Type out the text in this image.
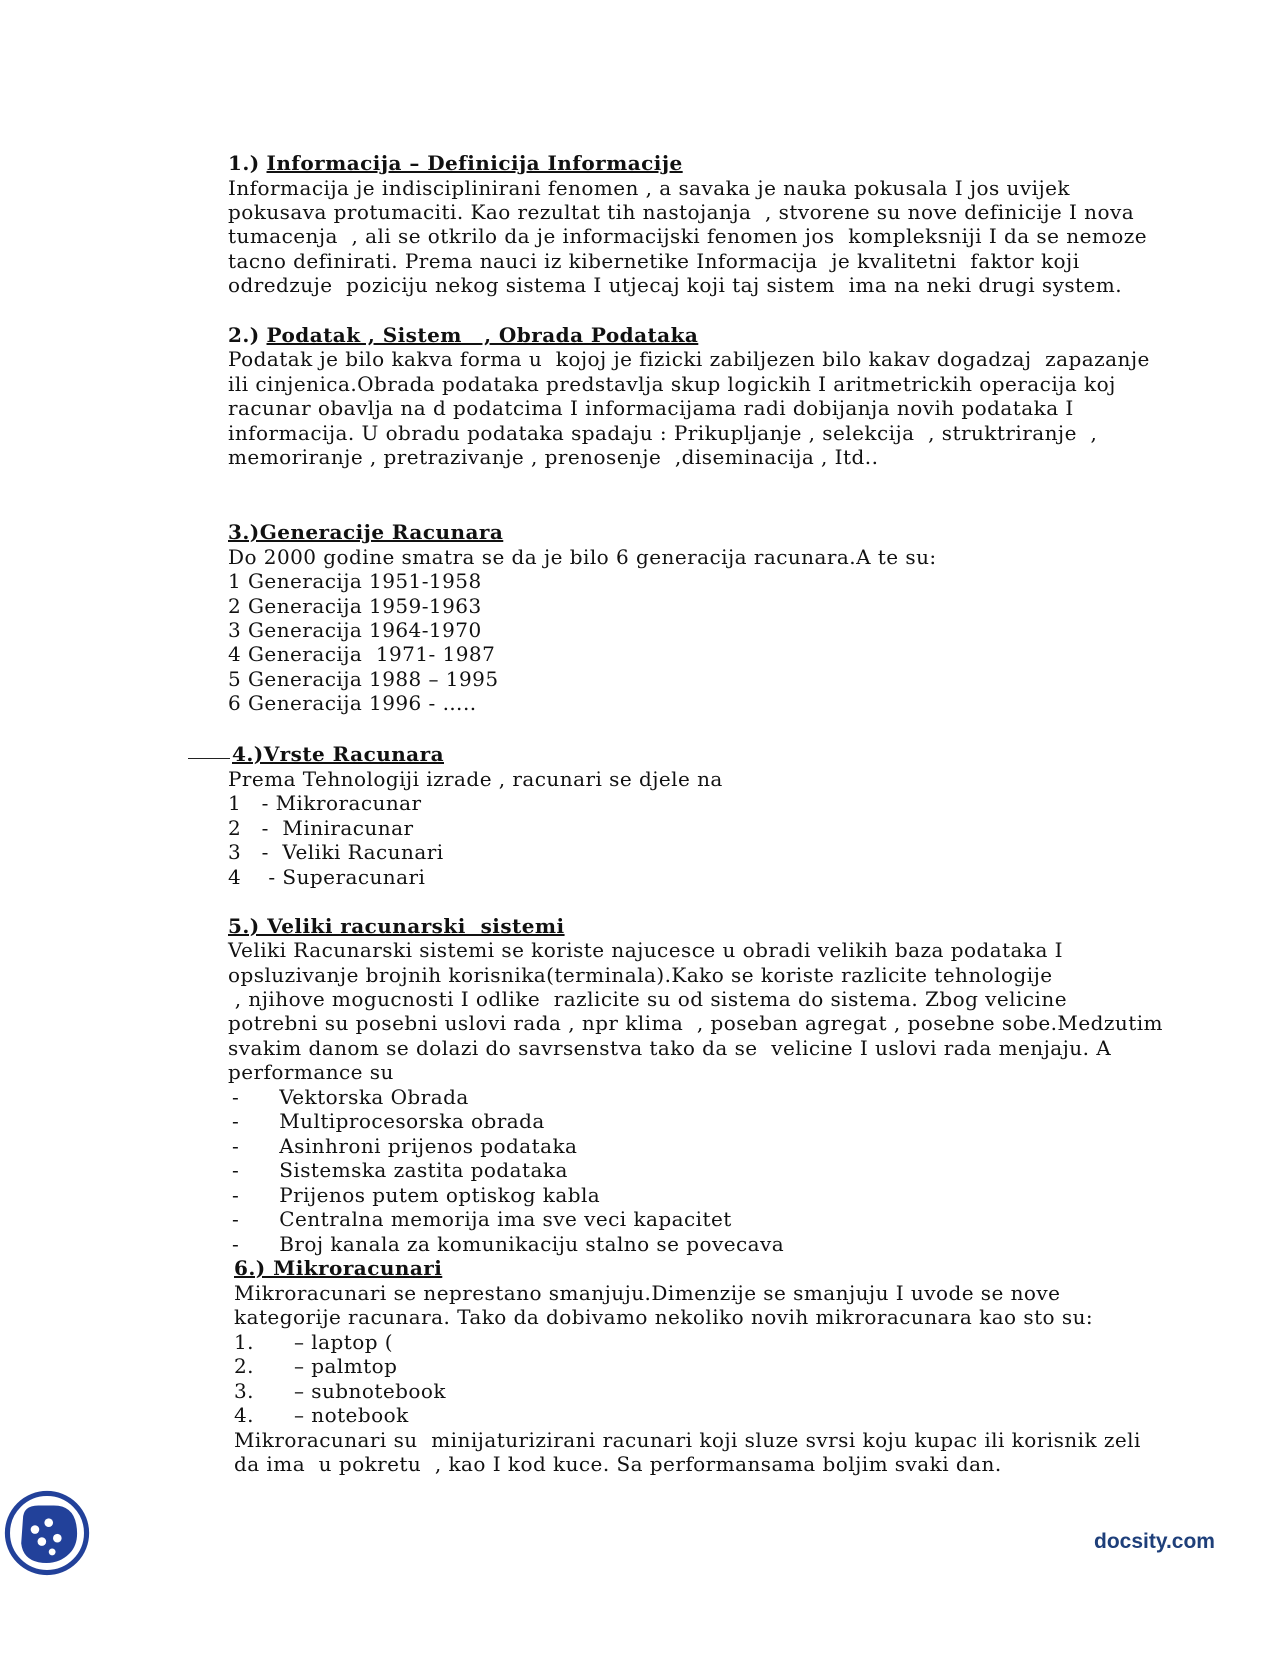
1.) Informacija – Definicija Informacije
Informacija je indisciplinirani fenomen , a savaka je nauka pokusala I jos uvijek
pokusava protumaciti. Kao rezultat tih nastojanja  , stvorene su nove definicije I nova
tumacenja  , ali se otkrilo da je informacijski fenomen jos  kompleksniji I da se nemoze
tacno definirati. Prema nauci iz kibernetike Informacija  je kvalitetni  faktor koji
odredzuje  poziciju nekog sistema I utjecaj koji taj sistem  ima na neki drugi system.
2.) Podatak , Sistem   , Obrada Podataka
Podatak je bilo kakva forma u  kojoj je fizicki zabiljezen bilo kakav dogadzaj  zapazanje
ili cinjenica.Obrada podataka predstavlja skup logickih I aritmetrickih operacija koj
racunar obavlja na d podatcima I informacijama radi dobijanja novih podataka I
informacija. U obradu podataka spadaju : Prikupljanje , selekcija  , struktriranje  ,
memoriranje , pretrazivanje , prenosenje  ,diseminacija , Itd..
3.)Generacije Racunara
Do 2000 godine smatra se da je bilo 6 generacija racunara.A te su:
1 Generacija 1951-1958
2 Generacija 1959-1963
3 Generacija 1964-1970
4 Generacija  1971- 1987
5 Generacija 1988 – 1995
6 Generacija 1996 - …..
4.)Vrste Racunara
Prema Tehnologiji izrade , racunari se djele na
1   - Mikroracunar
2   -  Miniracunar
3   -  Veliki Racunari
4    - Superacunari
5.) Veliki racunarski  sistemi
Veliki Racunarski sistemi se koriste najucesce u obradi velikih baza podataka I
opsluzivanje brojnih korisnika(terminala).Kako se koriste razlicite tehnologije
, njihove mogucnosti I odlike  razlicite su od sistema do sistema. Zbog velicine
potrebni su posebni uslovi rada , npr klima  , poseban agregat , posebne sobe.Medzutim
svakim danom se dolazi do savrsenstva tako da se  velicine I uslovi rada menjaju. A
performance su
- Vektorska Obrada
- Multiprocesorska obrada
- Asinhroni prijenos podataka
- Sistemska zastita podataka
- Prijenos putem optiskog kabla
- Centralna memorija ima sve veci kapacitet
- Broj kanala za komunikaciju stalno se povecava
6.) Mikroracunari
Mikroracunari se neprestano smanjuju.Dimenzije se smanjuju I uvode se nove
kategorije racunara. Tako da dobivamo nekoliko novih mikroracunara kao sto su:
1. – laptop (
2. – palmtop
3. – subnotebook
4. – notebook
Mikroracunari su  minijaturizirani racunari koji sluze svrsi koju kupac ili korisnik zeli
da ima  u pokretu  , kao I kod kuce. Sa performansama boljim svaki dan.
docsity.com
